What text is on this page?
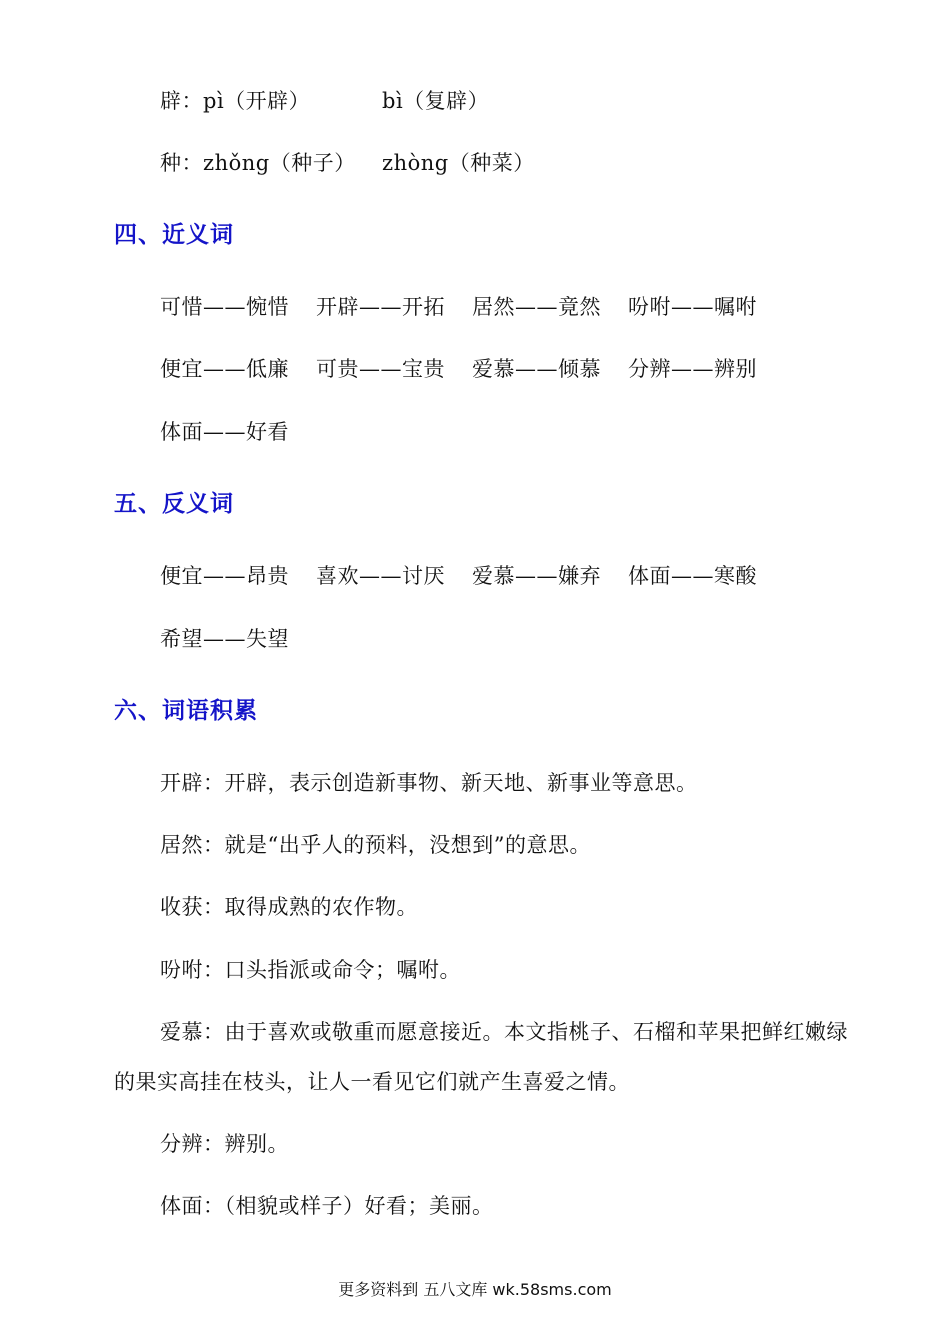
辟：pì（开辟）	bì（复辟）
种：zhǒng（种子） zhòng（种菜）
四、近义词
可惜——惋惜 开辟——开拓 居然——竟然 吩咐——嘱咐
便宜——低廉 可贵——宝贵 爱慕——倾慕 分辨——辨别
体面——好看
五、反义词
便宜——昂贵 喜欢——讨厌 爱慕——嫌弃 体面——寒酸
希望——失望
六、词语积累
开辟：开辟，表示创造新事物、新天地、新事业等意思。
居然：就是“出乎人的预料，没想到”的意思。
收获：取得成熟的农作物。
吩咐：口头指派或命令；嘱咐。
爱慕：由于喜欢或敬重而愿意接近。本文指桃子、石榴和苹果把鲜红嫩绿
的果实高挂在枝头，让人一看见它们就产生喜爱之情。
分辨：辨别。
体面：（相貌或样子）好看；美丽。
更多资料到 五八文库 wk.58sms.com
